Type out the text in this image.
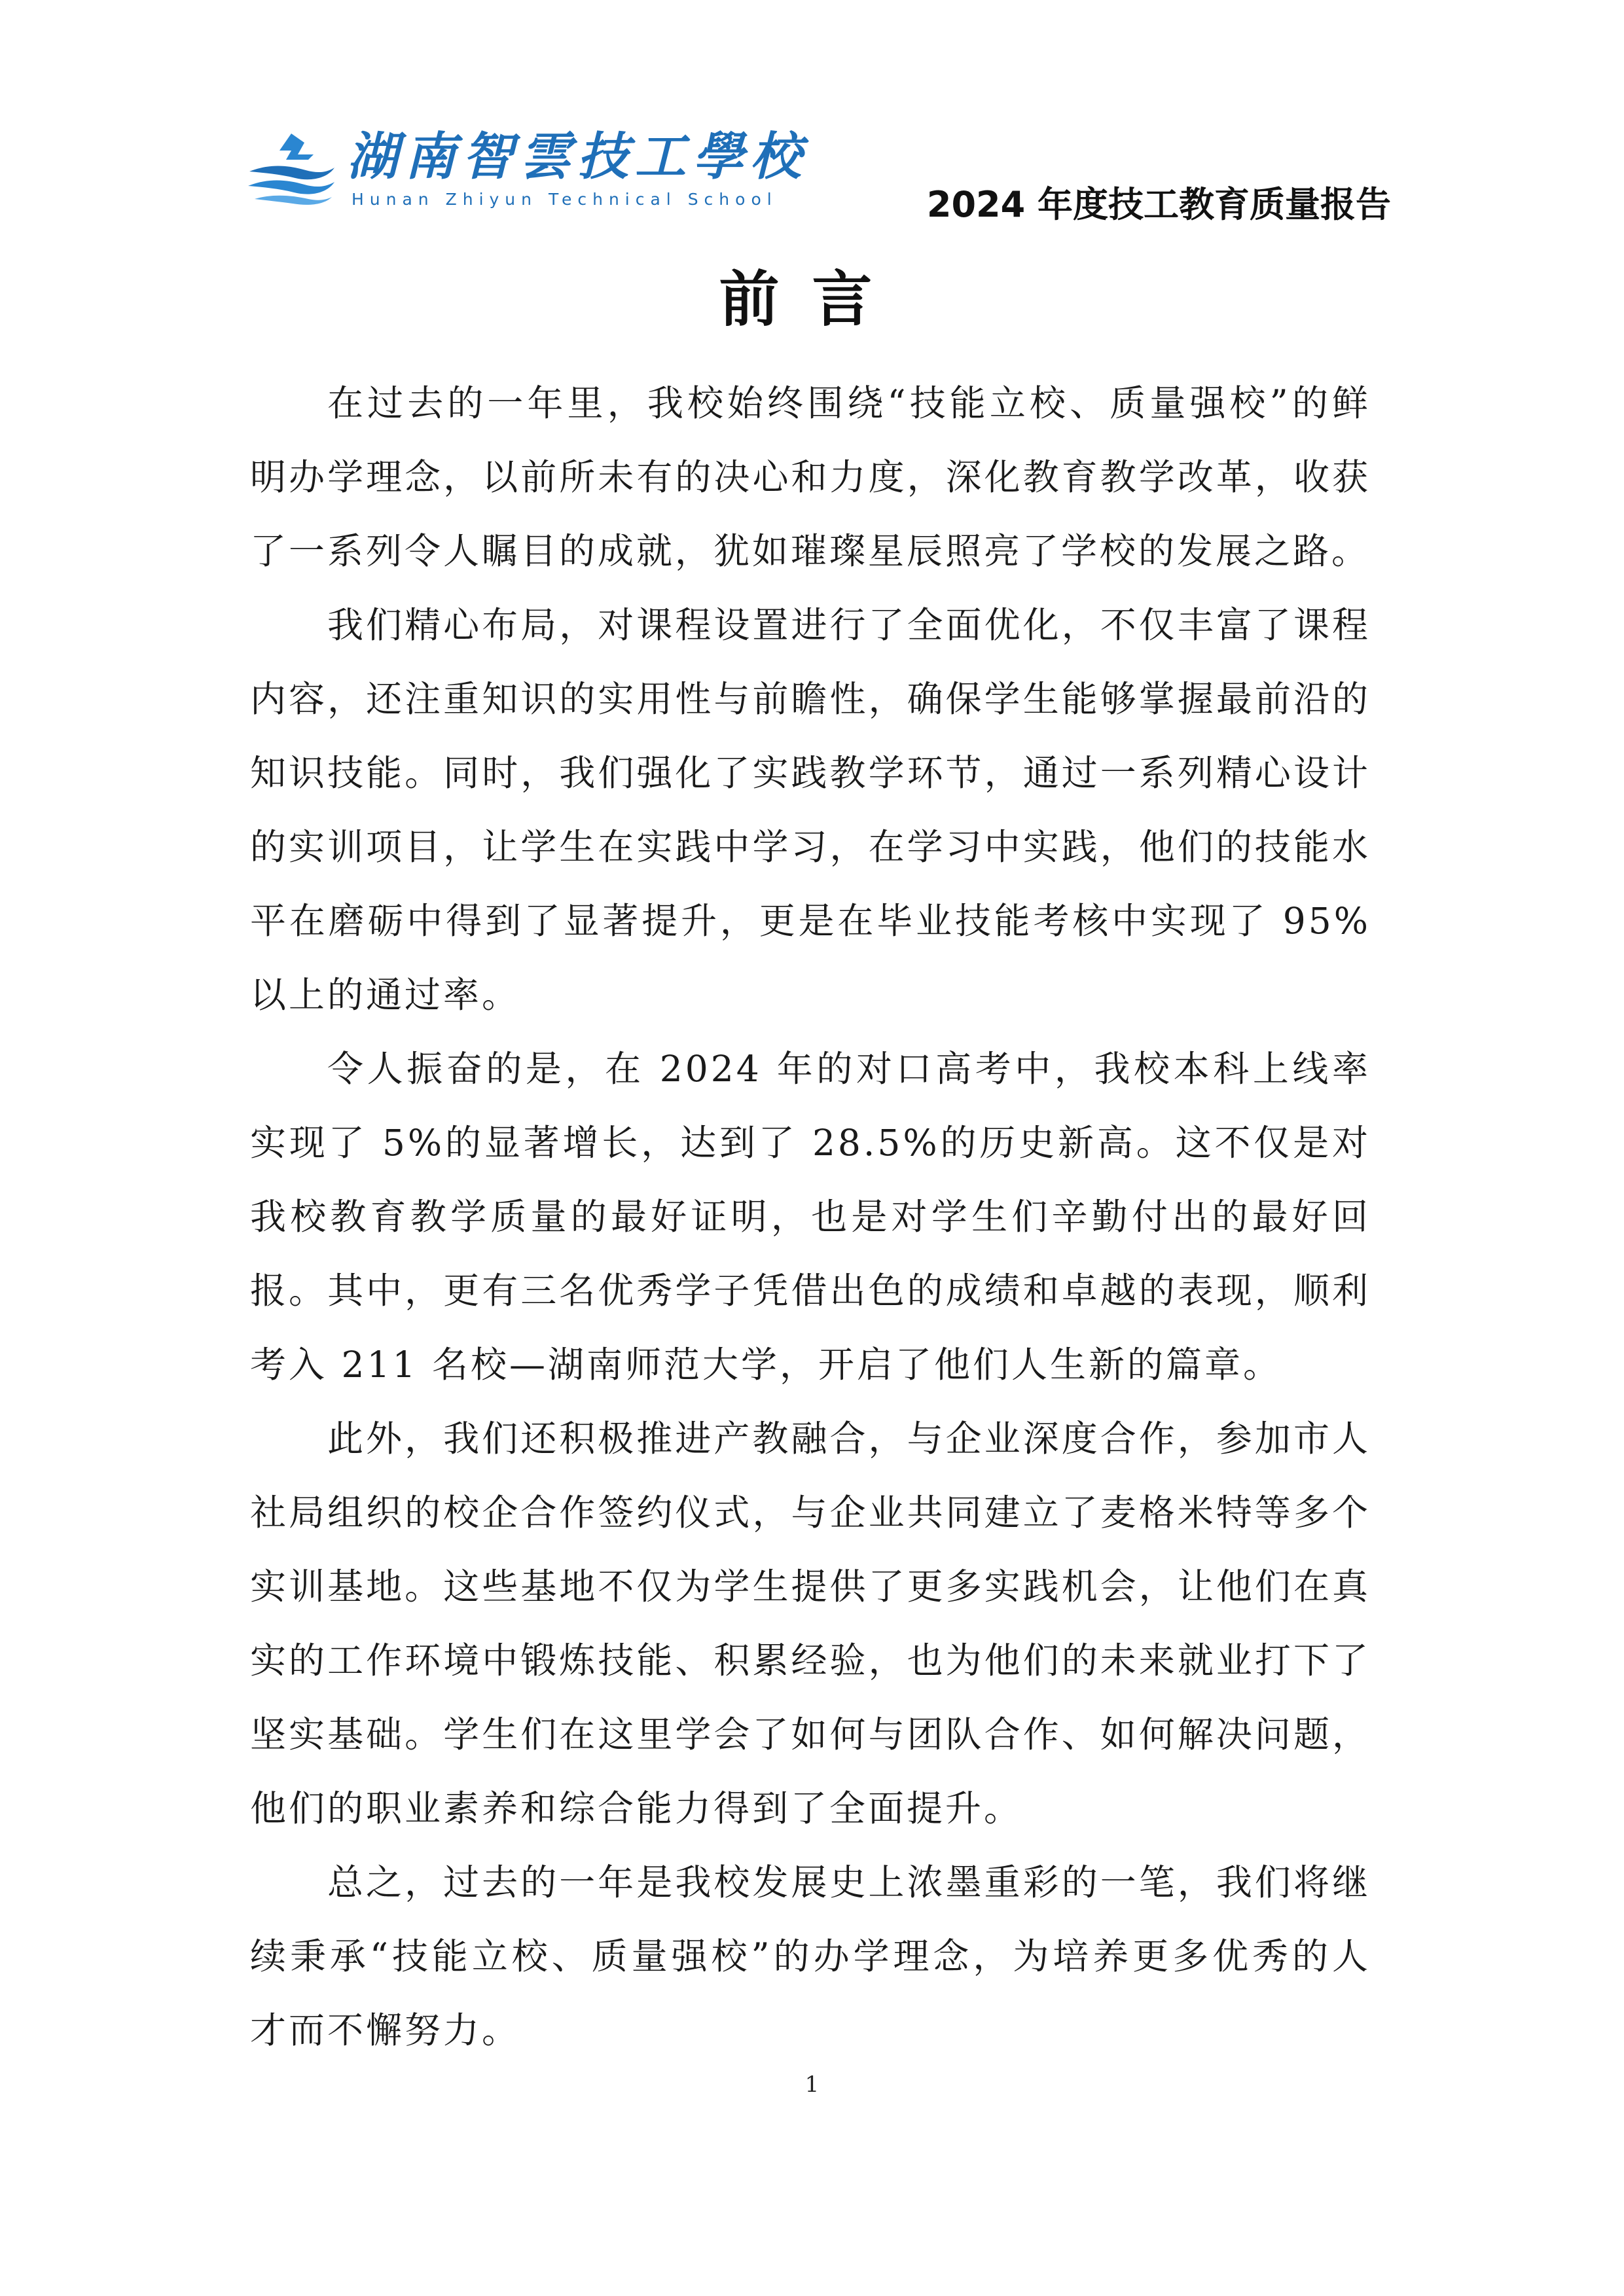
湖南智雲技工學校
Hunan Zhiyun Technical School	2024 年度技工教育质量报告
前言

在过去的一年里，我校始终围绕“技能立校、质量强校”的鲜明办学理念，以前所未有的决心和力度，深化教育教学改革，收获了一系列令人瞩目的成就，犹如璀璨星辰照亮了学校的发展之路。

我们精心布局，对课程设置进行了全面优化，不仅丰富了课程内容，还注重知识的实用性与前瞻性，确保学生能够掌握最前沿的知识技能。同时，我们强化了实践教学环节，通过一系列精心设计的实训项目，让学生在实践中学习，在学习中实践，他们的技能水平在磨砺中得到了显著提升，更是在毕业技能考核中实现了 95%以上的通过率。

令人振奋的是，在 2024 年的对口高考中，我校本科上线率实现了 5%的显著增长，达到了 28.5%的历史新高。这不仅是对我校教育教学质量的最好证明，也是对学生们辛勤付出的最好回报。其中，更有三名优秀学子凭借出色的成绩和卓越的表现，顺利考入 211 名校—湖南师范大学，开启了他们人生新的篇章。

此外，我们还积极推进产教融合，与企业深度合作，参加市人社局组织的校企合作签约仪式，与企业共同建立了麦格米特等多个实训基地。这些基地不仅为学生提供了更多实践机会，让他们在真实的工作环境中锻炼技能、积累经验，也为他们的未来就业打下了坚实基础。学生们在这里学会了如何与团队合作、如何解决问题，他们的职业素养和综合能力得到了全面提升。

总之，过去的一年是我校发展史上浓墨重彩的一笔，我们将继续秉承“技能立校、质量强校”的办学理念，为培养更多优秀的人才而不懈努力。

1
